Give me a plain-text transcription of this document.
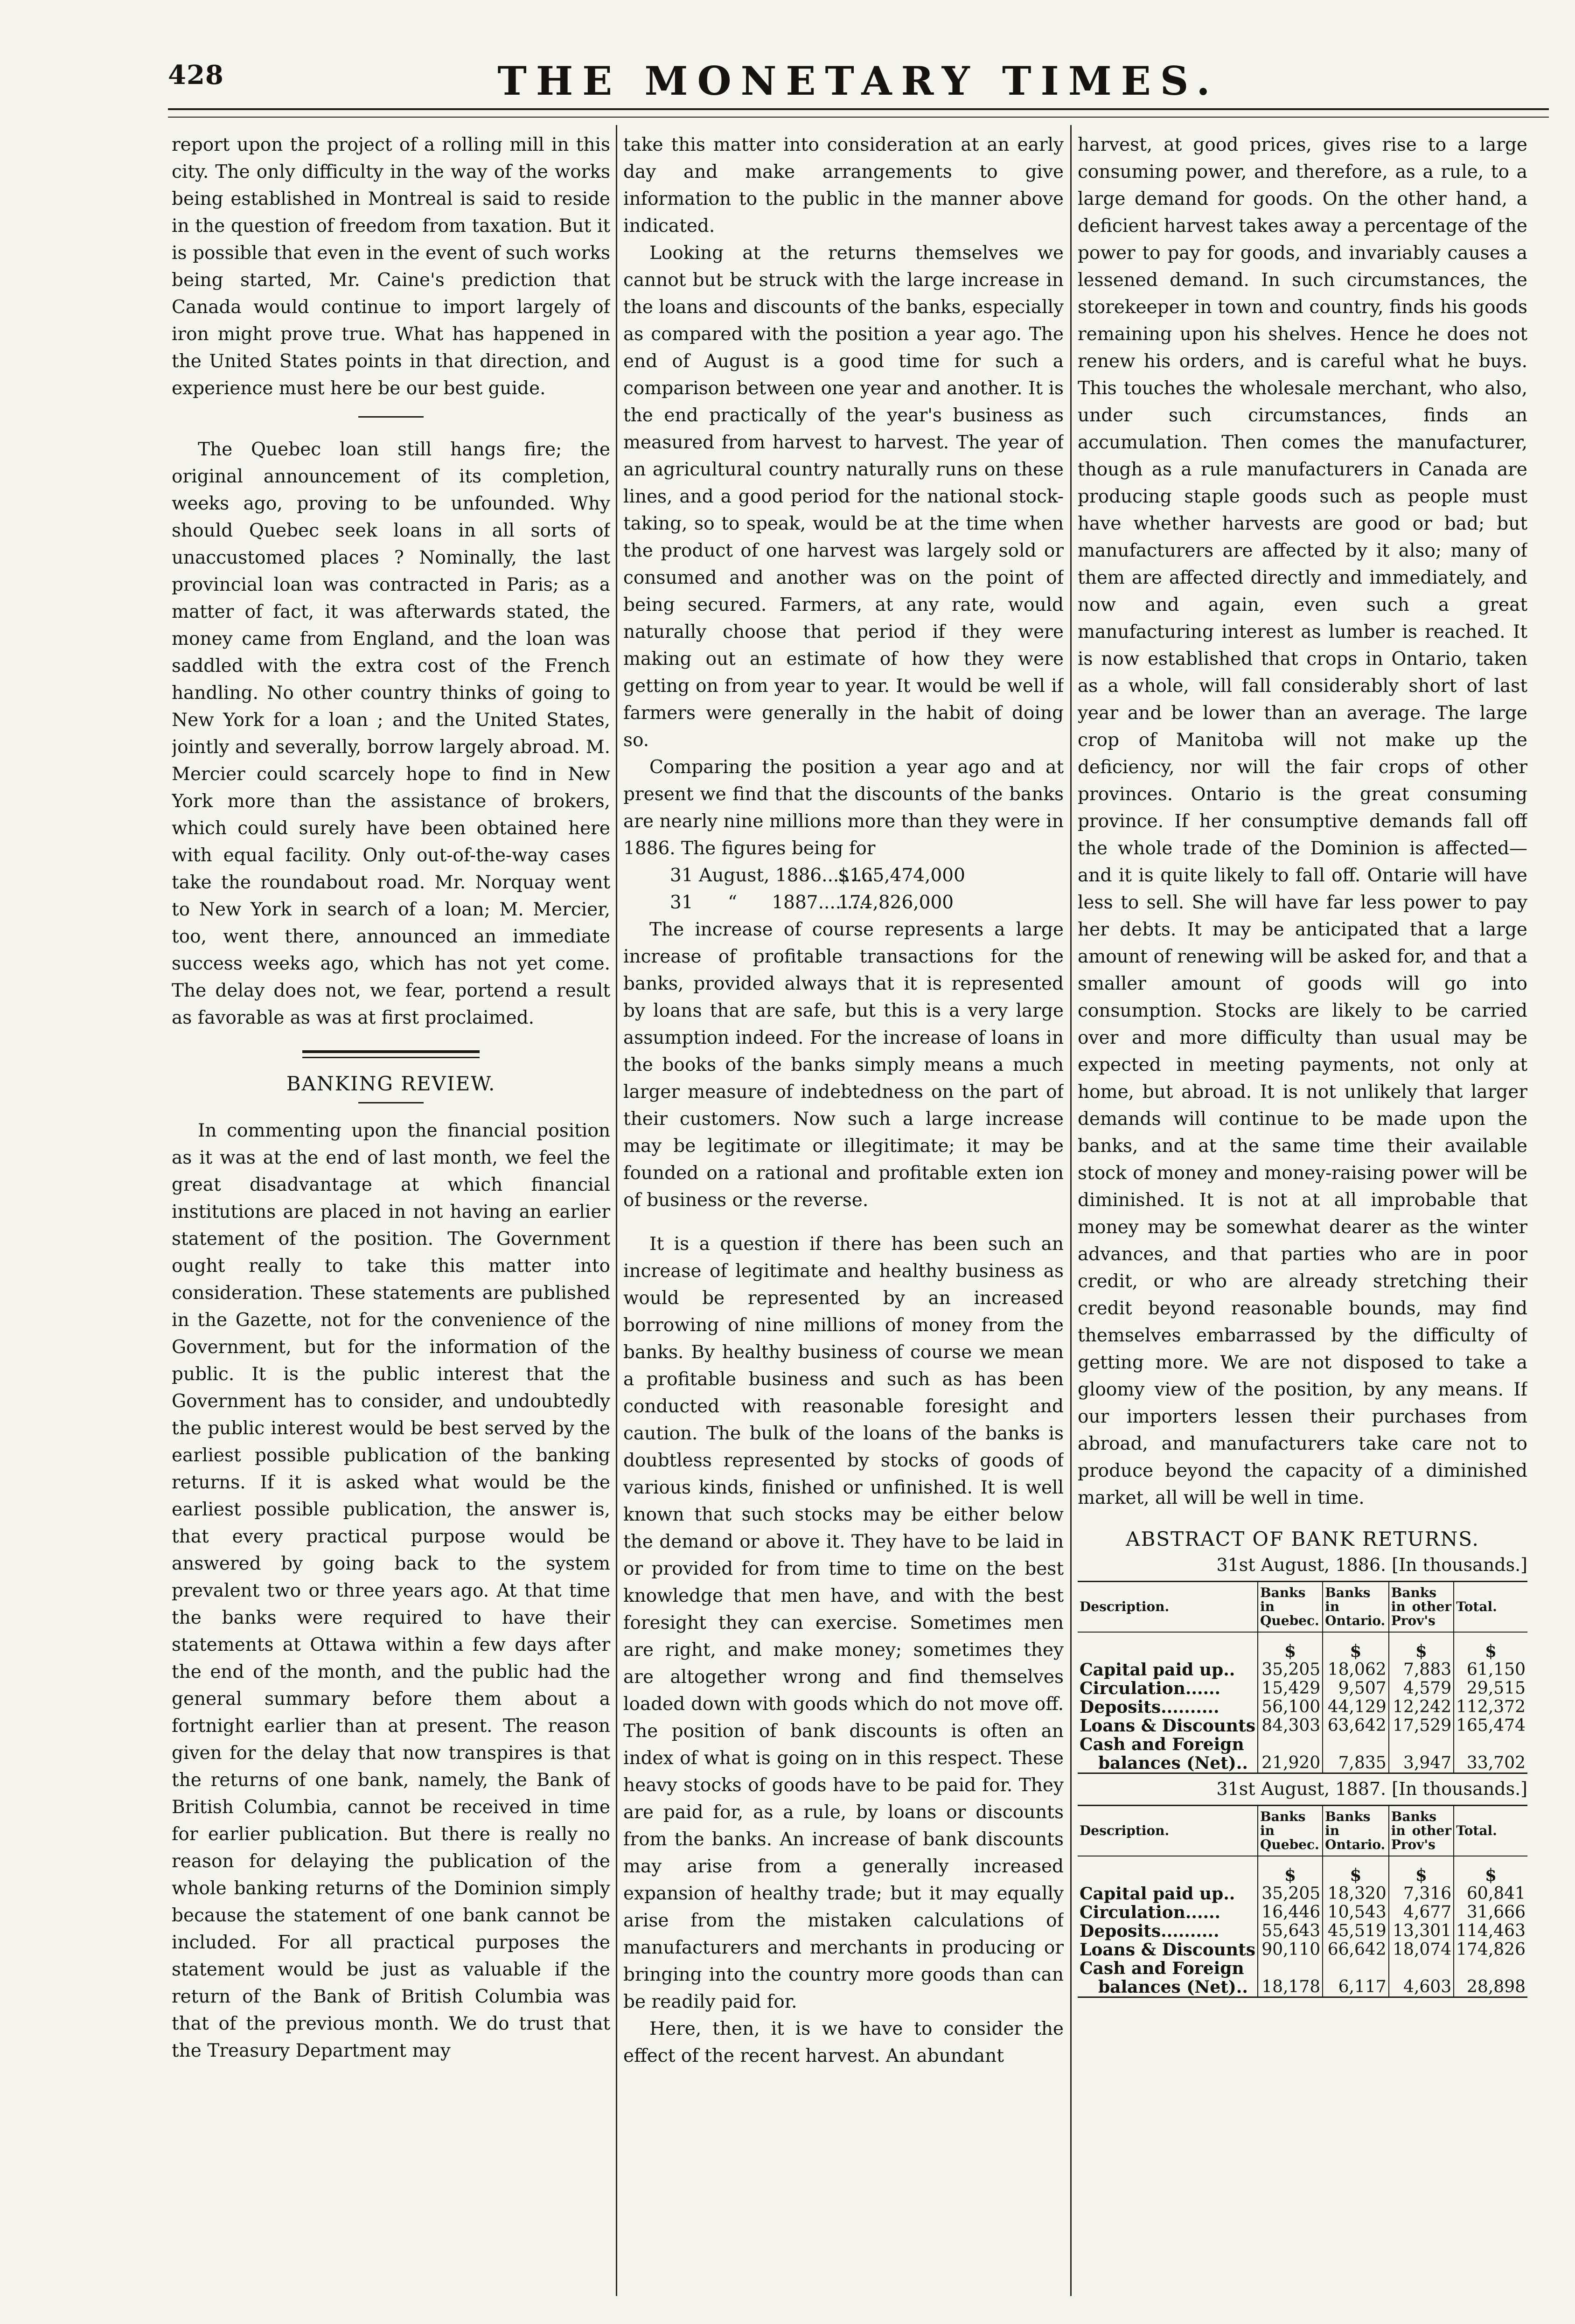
428	THE MONETARY TIMES.

report upon the project of a rolling mill in this city. The only difficulty in the way of the works being established in Montreal is said to reside in the question of freedom from taxation. But it is possible that even in the event of such works being started, Mr. Caine's prediction that Canada would continue to import largely of iron might prove true. What has happened in the United States points in that direction, and experience must here be our best guide.

The Quebec loan still hangs fire; the original announcement of its completion, weeks ago, proving to be unfounded. Why should Quebec seek loans in all sorts of unaccustomed places ? Nominally, the last provincial loan was contracted in Paris; as a matter of fact, it was afterwards stated, the money came from England, and the loan was saddled with the extra cost of the French handling. No other country thinks of going to New York for a loan ; and the United States, jointly and severally, borrow largely abroad. M. Mercier could scarcely hope to find in New York more than the assistance of brokers, which could surely have been obtained here with equal facility. Only out-of-the-way cases take the roundabout road. Mr. Norquay went to New York in search of a loan; M. Mercier, too, went there, announced an immediate success weeks ago, which has not yet come. The delay does not, we fear, portend a result as favorable as was at first proclaimed.

BANKING REVIEW.

In commenting upon the financial position as it was at the end of last month, we feel the great disadvantage at which financial institutions are placed in not having an earlier statement of the position. The Government ought really to take this matter into consideration. These statements are published in the Gazette, not for the convenience of the Government, but for the information of the public. It is the public interest that the Government has to consider, and undoubtedly the public interest would be best served by the earliest possible publication of the banking returns. If it is asked what would be the earliest possible publication, the answer is, that every practical purpose would be answered by going back to the system prevalent two or three years ago. At that time the banks were required to have their statements at Ottawa within a few days after the end of the month, and the public had the general summary before them about a fortnight earlier than at present. The reason given for the delay that now transpires is that the returns of one bank, namely, the Bank of British Columbia, cannot be received in time for earlier publication. But there is really no reason for delaying the publication of the whole banking returns of the Dominion simply because the statement of one bank cannot be included. For all practical purposes the statement would be just as valuable if the return of the Bank of British Columbia was that of the previous month. We do trust that the Treasury Department may

take this matter into consideration at an early day and make arrangements to give information to the public in the manner above indicated.

Looking at the returns themselves we cannot but be struck with the large increase in the loans and discounts of the banks, especially as compared with the position a year ago. The end of August is a good time for such a comparison between one year and another. It is the end practically of the year's business as measured from harvest to harvest. The year of an agricultural country naturally runs on these lines, and a good period for the national stock-taking, so to speak, would be at the time when the product of one harvest was largely sold or consumed and another was on the point of being secured. Farmers, at any rate, would naturally choose that period if they were making out an estimate of how they were getting on from year to year. It would be well if farmers were generally in the habit of doing so.

Comparing the position a year ago and at present we find that the discounts of the banks are nearly nine millions more than they were in 1886. The figures being for

31 August, 1886.........
$165,474,000
31      “      1887.........
174,826,000

The increase of course represents a large increase of profitable transactions for the banks, provided always that it is represented by loans that are safe, but this is a very large assumption indeed. For the increase of loans in the books of the banks simply means a much larger measure of indebtedness on the part of their customers. Now such a large increase may be legitimate or illegitimate; it may be founded on a rational and profitable exten ion of business or the reverse.

It is a question if there has been such an increase of legitimate and healthy business as would be represented by an increased borrowing of nine millions of money from the banks. By healthy business of course we mean a profitable business and such as has been conducted with reasonable foresight and caution. The bulk of the loans of the banks is doubtless represented by stocks of goods of various kinds, finished or unfinished. It is well known that such stocks may be either below the demand or above it. They have to be laid in or provided for from time to time on the best knowledge that men have, and with the best foresight they can exercise. Sometimes men are right, and make money; sometimes they are altogether wrong and find themselves loaded down with goods which do not move off. The position of bank discounts is often an index of what is going on in this respect. These heavy stocks of goods have to be paid for. They are paid for, as a rule, by loans or discounts from the banks. An increase of bank discounts may arise from a generally increased expansion of healthy trade; but it may equally arise from the mistaken calculations of manufacturers and merchants in producing or bringing into the country more goods than can be readily paid for.

Here, then, it is we have to consider the effect of the recent harvest. An abundant

harvest, at good prices, gives rise to a large consuming power, and therefore, as a rule, to a large demand for goods. On the other hand, a deficient harvest takes away a percentage of the power to pay for goods, and invariably causes a lessened demand. In such circumstances, the storekeeper in town and country, finds his goods remaining upon his shelves. Hence he does not renew his orders, and is careful what he buys. This touches the wholesale merchant, who also, under such circumstances, finds an accumulation. Then comes the manufacturer, though as a rule manufacturers in Canada are producing staple goods such as people must have whether harvests are good or bad; but manufacturers are affected by it also; many of them are affected directly and immediately, and now and again, even such a great manufacturing interest as lumber is reached. It is now established that crops in Ontario, taken as a whole, will fall considerably short of last year and be lower than an average. The large crop of Manitoba will not make up the deficiency, nor will the fair crops of other provinces. Ontario is the great consuming province. If her consumptive demands fall off the whole trade of the Dominion is affected—and it is quite likely to fall off. Ontarie will have less to sell. She will have far less power to pay her debts. It may be anticipated that a large amount of renewing will be asked for, and that a smaller amount of goods will go into consumption. Stocks are likely to be carried over and more difficulty than usual may be expected in meeting payments, not only at home, but abroad. It is not unlikely that larger demands will continue to be made upon the banks, and at the same time their available stock of money and money-raising power will be diminished. It is not at all improbable that money may be somewhat dearer as the winter advances, and that parties who are in poor credit, or who are already stretching their credit beyond reasonable bounds, may find themselves embarrassed by the difficulty of getting more. We are not disposed to take a gloomy view of the position, by any means. If our importers lessen their purchases from abroad, and manufacturers take care not to produce beyond the capacity of a diminished market, all will be well in time.

ABSTRACT OF BANK RETURNS.
31st August, 1886. [In thousands.]
Description.	Banks in Quebec.	Banks in Ontario.	Banks in other Prov's	Total.
	$	$	$	$
Capital paid up..	35,205	18,062	7,883	61,150
Circulation......	15,429	9,507	4,579	29,515
Deposits..........	56,100	44,129	12,242	112,372
Loans & Discounts	84,303	63,642	17,529	165,474
Cash and Foreign				
balances (Net)..	21,920	7,835	3,947	33,702
31st August, 1887. [In thousands.]
Description.	Banks in Quebec.	Banks in Ontario.	Banks in other Prov's	Total.
	$	$	$	$
Capital paid up..	35,205	18,320	7,316	60,841
Circulation......	16,446	10,543	4,677	31,666
Deposits..........	55,643	45,519	13,301	114,463
Loans & Discounts	90,110	66,642	18,074	174,826
Cash and Foreign				
balances (Net)..	18,178	6,117	4,603	28,898
